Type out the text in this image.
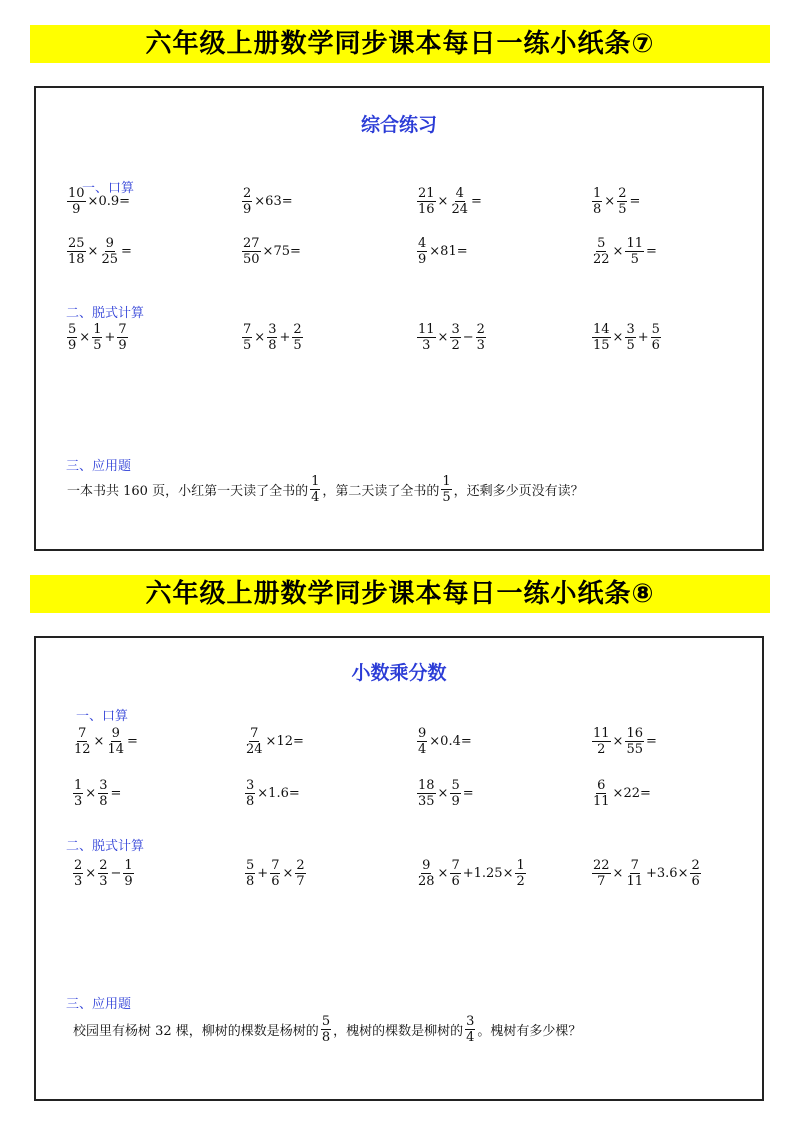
六年级上册数学同步课本每日一练小纸条⑦
综合练习
一、口算
$\frac{10}{9} \times 0.9=$	$\frac{2}{9} \times 63=$	$\frac{21}{16} \times \frac{4}{24}$ =	$\frac{1}{8} \times \frac{2}{5}$ =
$\frac{25}{18} \times \frac{9}{25}$ =	$\frac{27}{50} \times 75=$	$\frac{4}{9} \times 81=$	$\frac{5}{22} \times \frac{11}{5}$ =
二、脱式计算
$\frac{5}{9} \times \frac{1}{5} + \frac{7}{9}$	$\frac{7}{5} \times \frac{3}{8} + \frac{2}{5}$	$\frac{11}{3} \times \frac{3}{2} - \frac{2}{3}$	$\frac{14}{15} \times \frac{3}{5} + \frac{5}{6}$
三、应用题
一本书共 160 页，小红第一天读了全书的 $\frac{1}{4}$ ，第二天读了全书的 $\frac{1}{5}$ ，还剩多少页没有读？
六年级上册数学同步课本每日一练小纸条⑧
小数乘分数
一、口算
$\frac{7}{12} \times \frac{9}{14}$ =	$\frac{7}{24} \times 12=$	$\frac{9}{4} \times 0.4=$	$\frac{11}{2} \times \frac{16}{55}$ =
$\frac{1}{3} \times \frac{3}{8}$ =	$\frac{3}{8} \times 1.6=$	$\frac{18}{35} \times \frac{5}{9}$ =	$\frac{6}{11} \times 22=$
二、脱式计算
$\frac{2}{3} \times \frac{2}{3} - \frac{1}{9}$	$\frac{5}{8} + \frac{7}{6} \times \frac{2}{7}$	$\frac{9}{28} \times \frac{7}{6} +1.25\times \frac{1}{2}$	$\frac{22}{7} \times \frac{7}{11} +3.6\times \frac{2}{6}$
三、应用题
校园里有杨树 32 棵，柳树的棵数是杨树的 $\frac{5}{8}$ ，槐树的棵数是柳树的 $\frac{3}{4}$ 。槐树有多少棵？
